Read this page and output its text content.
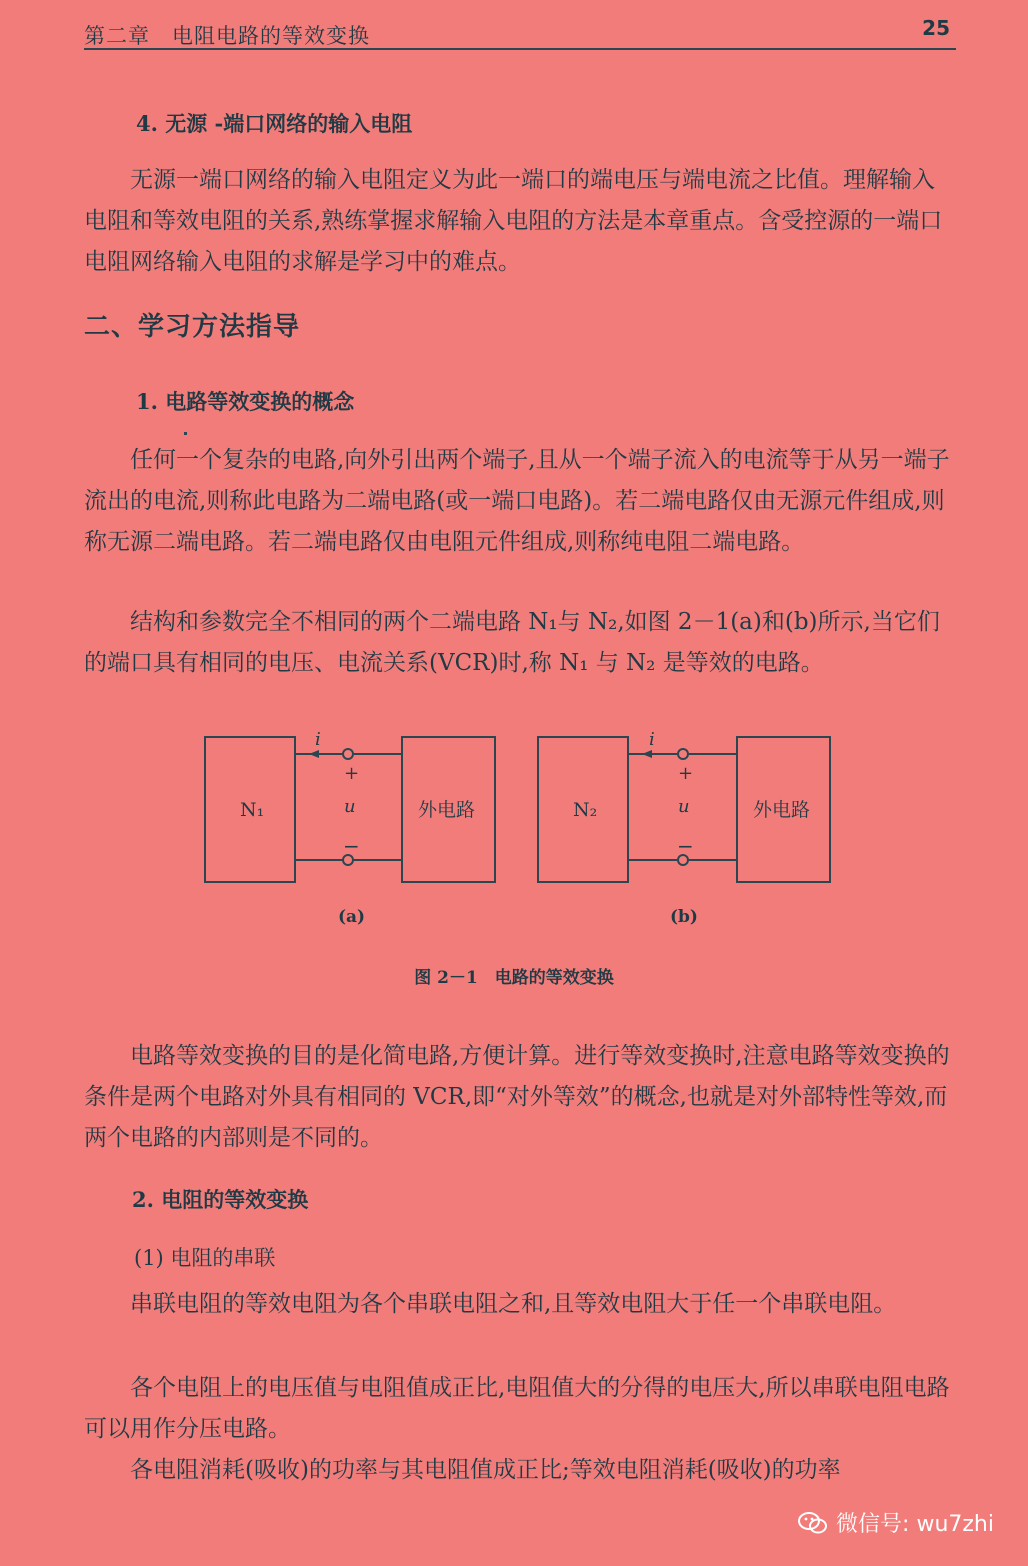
第二章　电阻电路的等效变换	25
4. 无源 -端口网络的输入电阻
无源一端口网络的输入电阻定义为此一端口的端电压与端电流之比值。理解输入电阻和等效电阻的关系,熟练掌握求解输入电阻的方法是本章重点。含受控源的一端口电阻网络输入电阻的求解是学习中的难点。
二、学习方法指导
1. 电路等效变换的概念
任何一个复杂的电路,向外引出两个端子,且从一个端子流入的电流等于从另一端子流出的电流,则称此电路为二端电路(或一端口电路)。若二端电路仅由无源元件组成,则称无源二端电路。若二端电路仅由电阻元件组成,则称纯电阻二端电路。
结构和参数完全不相同的两个二端电路 N₁与 N₂,如图 2－1(a)和(b)所示,当它们的端口具有相同的电压、电流关系(VCR)时,称 N₁ 与 N₂ 是等效的电路。
N₁	外电路
i
+
u
−
N₂	外电路
i
+
u
−
(a)	(b)
图 2－1　电路的等效变换
电路等效变换的目的是化简电路,方便计算。进行等效变换时,注意电路等效变换的条件是两个电路对外具有相同的 VCR,即“对外等效”的概念,也就是对外部特性等效,而两个电路的内部则是不同的。
2. 电阻的等效变换
(1) 电阻的串联
串联电阻的等效电阻为各个串联电阻之和,且等效电阻大于任一个串联电阻。
各个电阻上的电压值与电阻值成正比,电阻值大的分得的电压大,所以串联电阻电路可以用作分压电路。
各电阻消耗(吸收)的功率与其电阻值成正比;等效电阻消耗(吸收)的功率
微信号: wu7zhi
